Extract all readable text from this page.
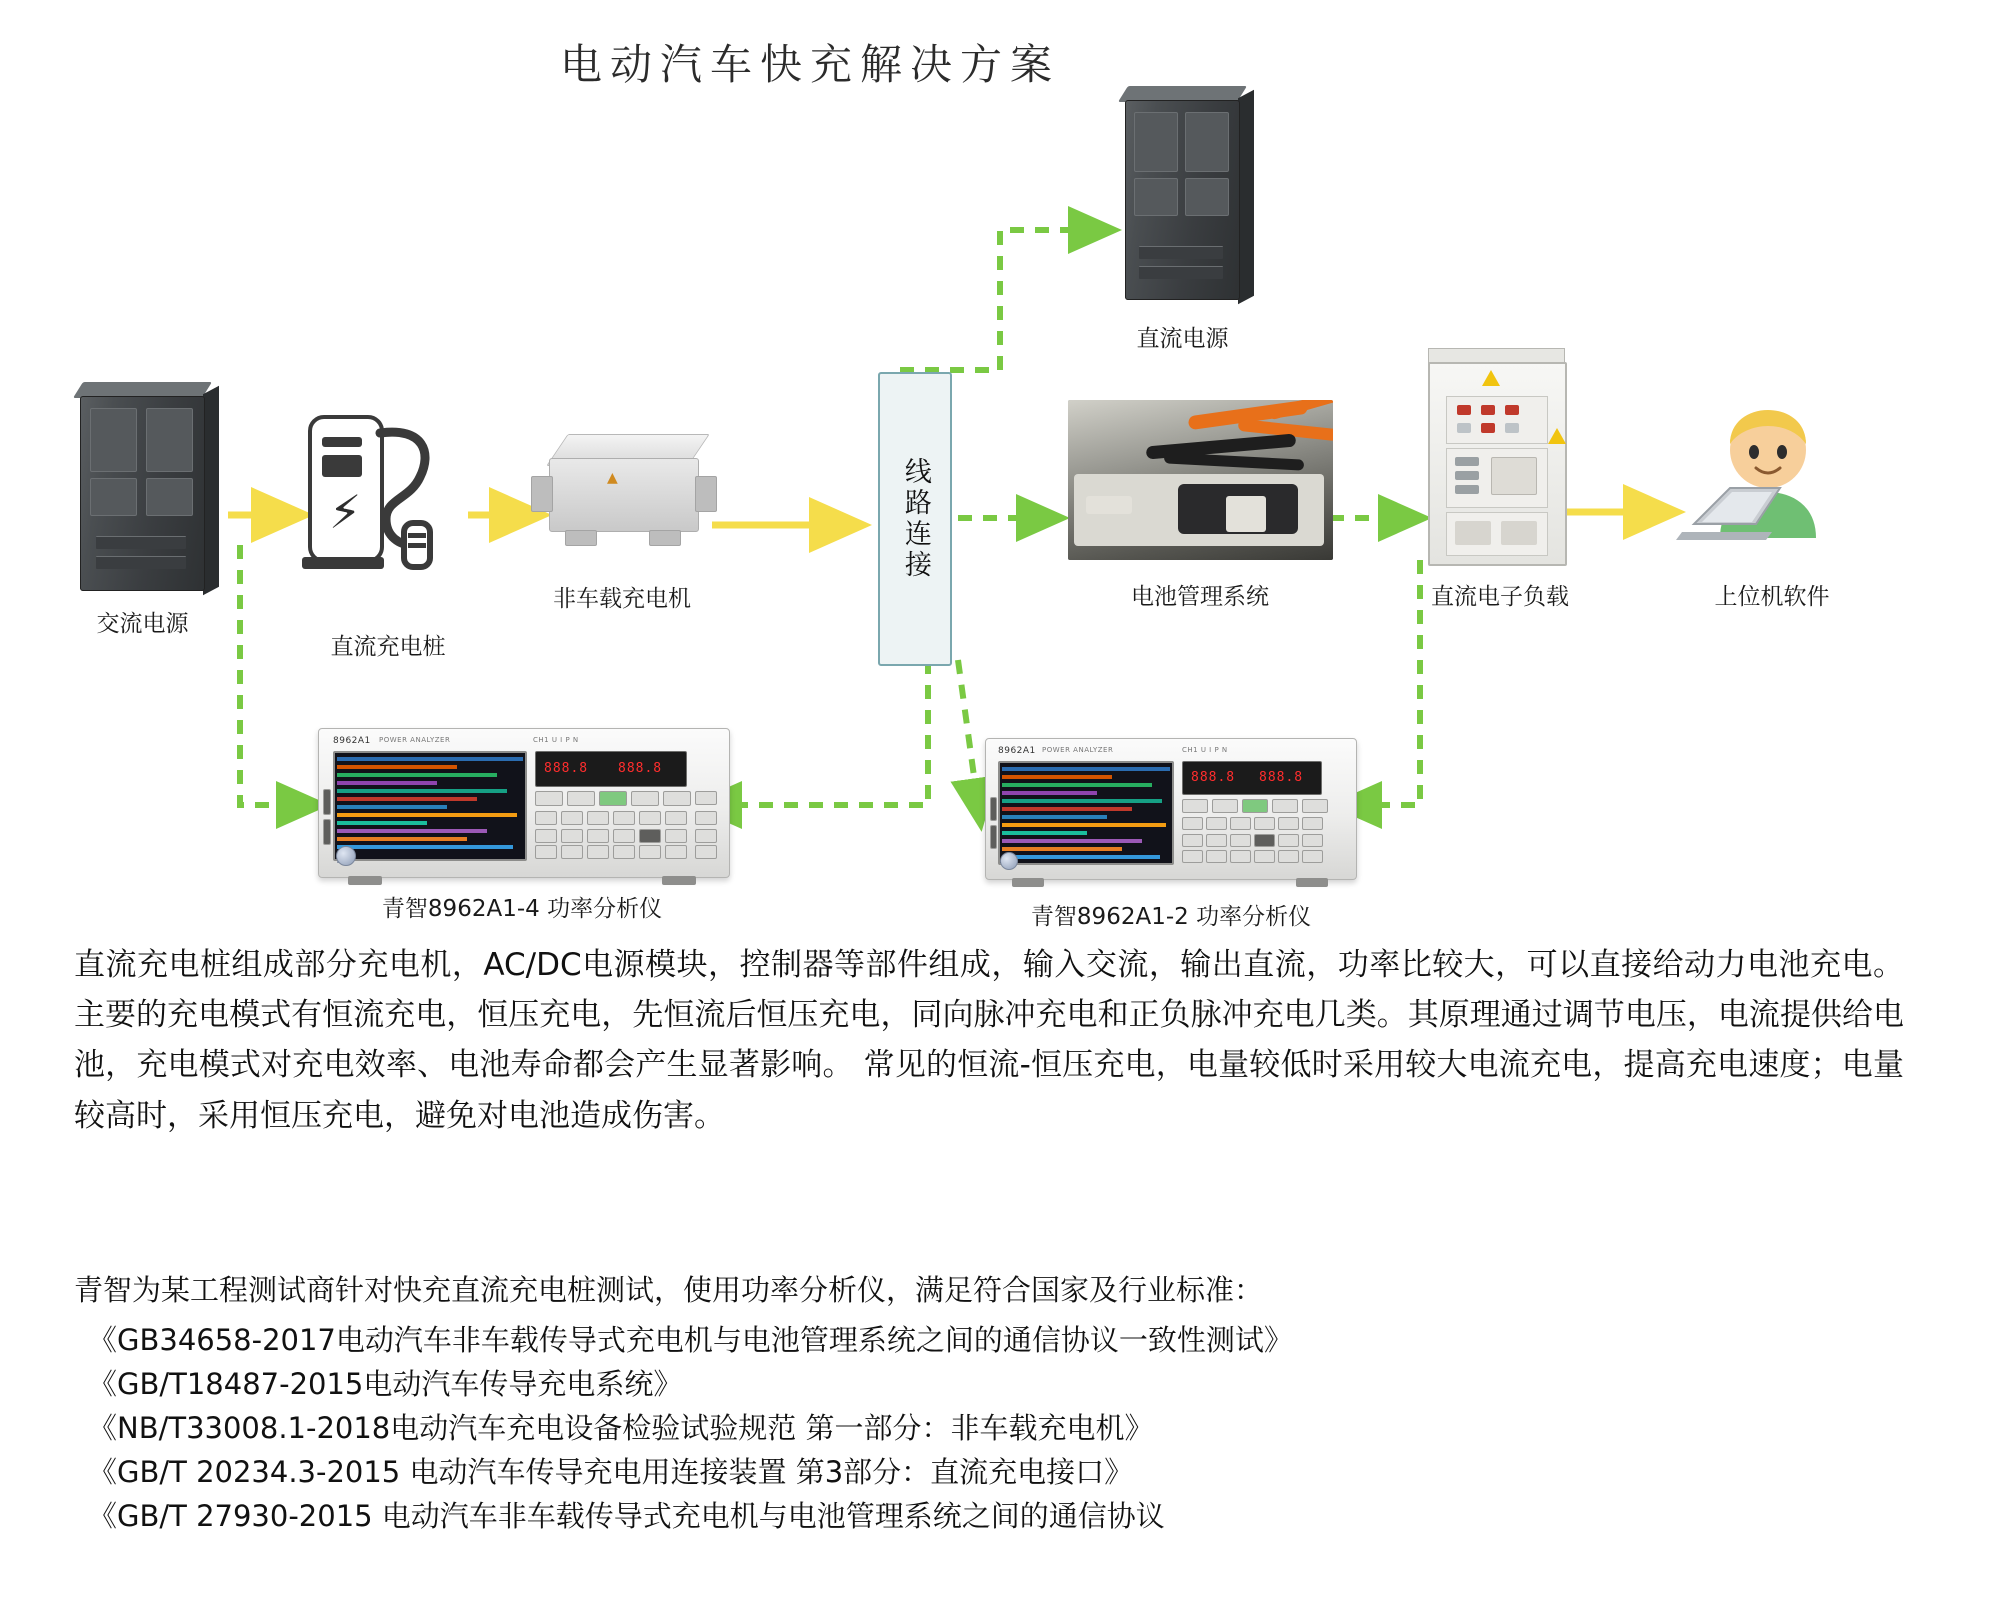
电动汽车快充解决方案
交流电源
⚡
直流充电桩
▲
非车载充电机
线路连接
直流电源
电池管理系统	直流电子负载	上位机软件
8962A1 POWER ANALYZER	CH1 U I P N
888.8 888.8
青智8962A1-4 功率分析仪
8962A1 POWER ANALYZER	CH1 U I P N
888.8 888.8
青智8962A1-2 功率分析仪
直流充电桩组成部分充电机，AC/DC电源模块，控制器等部件组成，输入交流，输出直流，功率比较大，可以直接给动力电池充电。主要的充电模式有恒流充电，恒压充电，先恒流后恒压充电，同向脉冲充电和正负脉冲充电几类。其原理通过调节电压，电流提供给电池，充电模式对充电效率、电池寿命都会产生显著影响。 常见的恒流-恒压充电，电量较低时采用较大电流充电，提高充电速度；电量较高时，采用恒压充电，避免对电池造成伤害。
青智为某工程测试商针对快充直流充电桩测试，使用功率分析仪，满足符合国家及行业标准：
《GB34658-2017电动汽车非车载传导式充电机与电池管理系统之间的通信协议一致性测试》
《GB/T18487-2015电动汽车传导充电系统》
《NB/T33008.1-2018电动汽车充电设备检验试验规范 第一部分：非车载充电机》
《GB/T 20234.3-2015 电动汽车传导充电用连接装置 第3部分：直流充电接口》
《GB/T 27930-2015 电动汽车非车载传导式充电机与电池管理系统之间的通信协议
